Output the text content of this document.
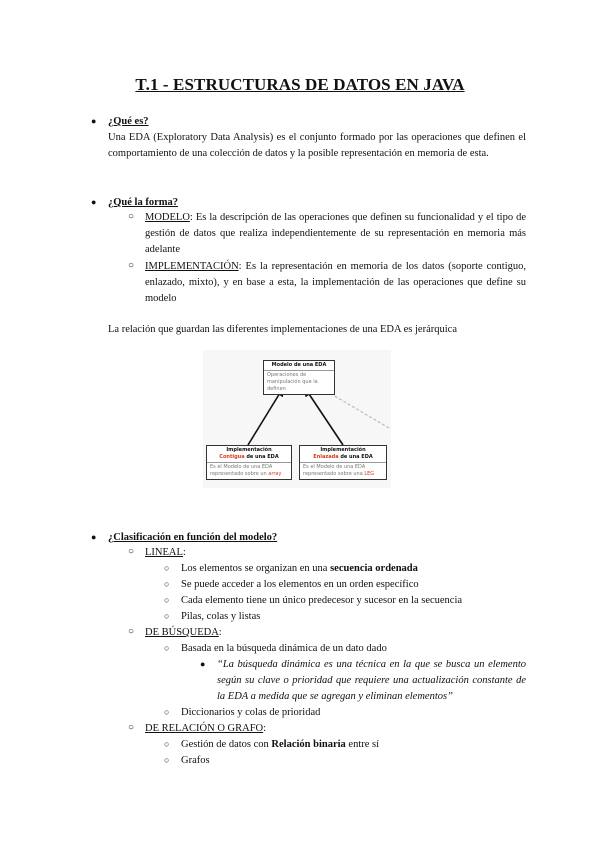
T.1 - ESTRUCTURAS DE DATOS EN JAVA
● ¿Qué es?
Una EDA (Exploratory Data Analysis) es el conjunto formado por las operaciones que definen el comportamiento de una colección de datos y la posible representación en memoria de esta.
● ¿Qué la forma?
○ MODELO: Es la descripción de las operaciones que definen su funcionalidad y el tipo de gestión de datos que realiza independientemente de su representación en memoria más adelante
○ IMPLEMENTACIÓN: Es la representación en memoria de los datos (soporte contiguo, enlazado, mixto), y en base a esta, la implementación de las operaciones que define su modelo
La relación que guardan las diferentes implementaciones de una EDA es jerárquica
Modelo de una EDA
Operaciones de manipulación que la definen
Implementación
Contigua de una EDA
Es el Modelo de una EDA representado sobre un array
Implementación
Enlazada de una EDA
Es el Modelo de una EDA representado sobre una LEG
● ¿Clasificación en función del modelo?
○ LINEAL:
○ Los elementos se organizan en una secuencia ordenada
○ Se puede acceder a los elementos en un orden específico
○ Cada elemento tiene un único predecesor y sucesor en la secuencia
○ Pilas, colas y listas
○ DE BÚSQUEDA:
○ Basada en la búsqueda dinámica de un dato dado
● “La búsqueda dinámica es una técnica en la que se busca un elemento según su clave o prioridad que requiere una actualización constante de la EDA a medida que se agregan y eliminan elementos”
○ Diccionarios y colas de prioridad
○ DE RELACIÓN O GRAFO:
○ Gestión de datos con Relación binaria entre sí
○ Grafos
